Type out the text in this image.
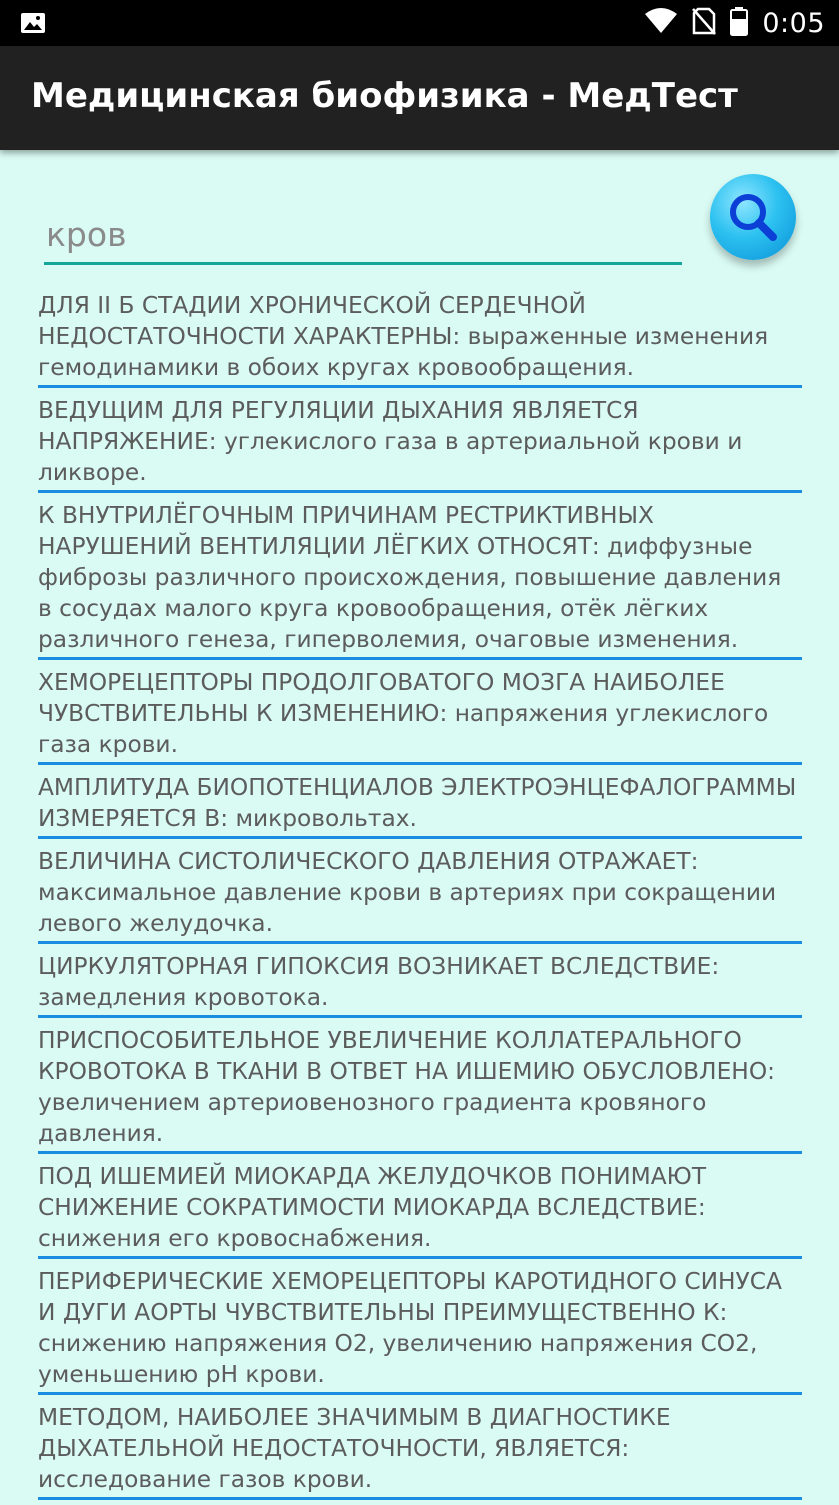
0:05
Медицинская биофизика - МедТест
кров
ДЛЯ II Б СТАДИИ ХРОНИЧЕСКОЙ СЕРДЕЧНОЙ НЕДОСТАТОЧНОСТИ ХАРАКТЕРНЫ: выраженные изменения гемодинамики в обоих кругах кровообращения.
ВЕДУЩИМ ДЛЯ РЕГУЛЯЦИИ ДЫХАНИЯ ЯВЛЯЕТСЯ НАПРЯЖЕНИЕ: углекислого газа в артериальной крови и ликворе.
К ВНУТРИЛЁГОЧНЫМ ПРИЧИНАМ РЕСТРИКТИВНЫХ НАРУШЕНИЙ ВЕНТИЛЯЦИИ ЛЁГКИХ ОТНОСЯТ: диффузные фиброзы различного происхождения, повышение давления в сосудах малого круга кровообращения, отёк лёгких различного генеза, гиперволемия, очаговые изменения.
ХЕМОРЕЦЕПТОРЫ ПРОДОЛГОВАТОГО МОЗГА НАИБОЛЕЕ ЧУВСТВИТЕЛЬНЫ К ИЗМЕНЕНИЮ: напряжения углекислого газа крови.
АМПЛИТУДА БИОПОТЕНЦИАЛОВ ЭЛЕКТРОЭНЦЕФАЛОГРАММЫ ИЗМЕРЯЕТСЯ В: микровольтах.
ВЕЛИЧИНА СИСТОЛИЧЕСКОГО ДАВЛЕНИЯ ОТРАЖАЕТ: максимальное давление крови в артериях при сокращении левого желудочка.
ЦИРКУЛЯТОРНАЯ ГИПОКСИЯ ВОЗНИКАЕТ ВСЛЕДСТВИЕ: замедления кровотока.
ПРИСПОСОБИТЕЛЬНОЕ УВЕЛИЧЕНИЕ КОЛЛАТЕРАЛЬНОГО КРОВОТОКА В ТКАНИ В ОТВЕТ НА ИШЕМИЮ ОБУСЛОВЛЕНО: увеличением артериовенозного градиента кровяного давления.
ПОД ИШЕМИЕЙ МИОКАРДА ЖЕЛУДОЧКОВ ПОНИМАЮТ СНИЖЕНИЕ СОКРАТИМОСТИ МИОКАРДА ВСЛЕДСТВИЕ: снижения его кровоснабжения.
ПЕРИФЕРИЧЕСКИЕ ХЕМОРЕЦЕПТОРЫ КАРОТИДНОГО СИНУСА И ДУГИ АОРТЫ ЧУВСТВИТЕЛЬНЫ ПРЕИМУЩЕСТВЕННО К: снижению напряжения О2, увеличению напряжения СО2, уменьшению pH крови.
МЕТОДОМ, НАИБОЛЕЕ ЗНАЧИМЫМ В ДИАГНОСТИКЕ ДЫХАТЕЛЬНОЙ НЕДОСТАТОЧНОСТИ, ЯВЛЯЕТСЯ: исследование газов крови.
